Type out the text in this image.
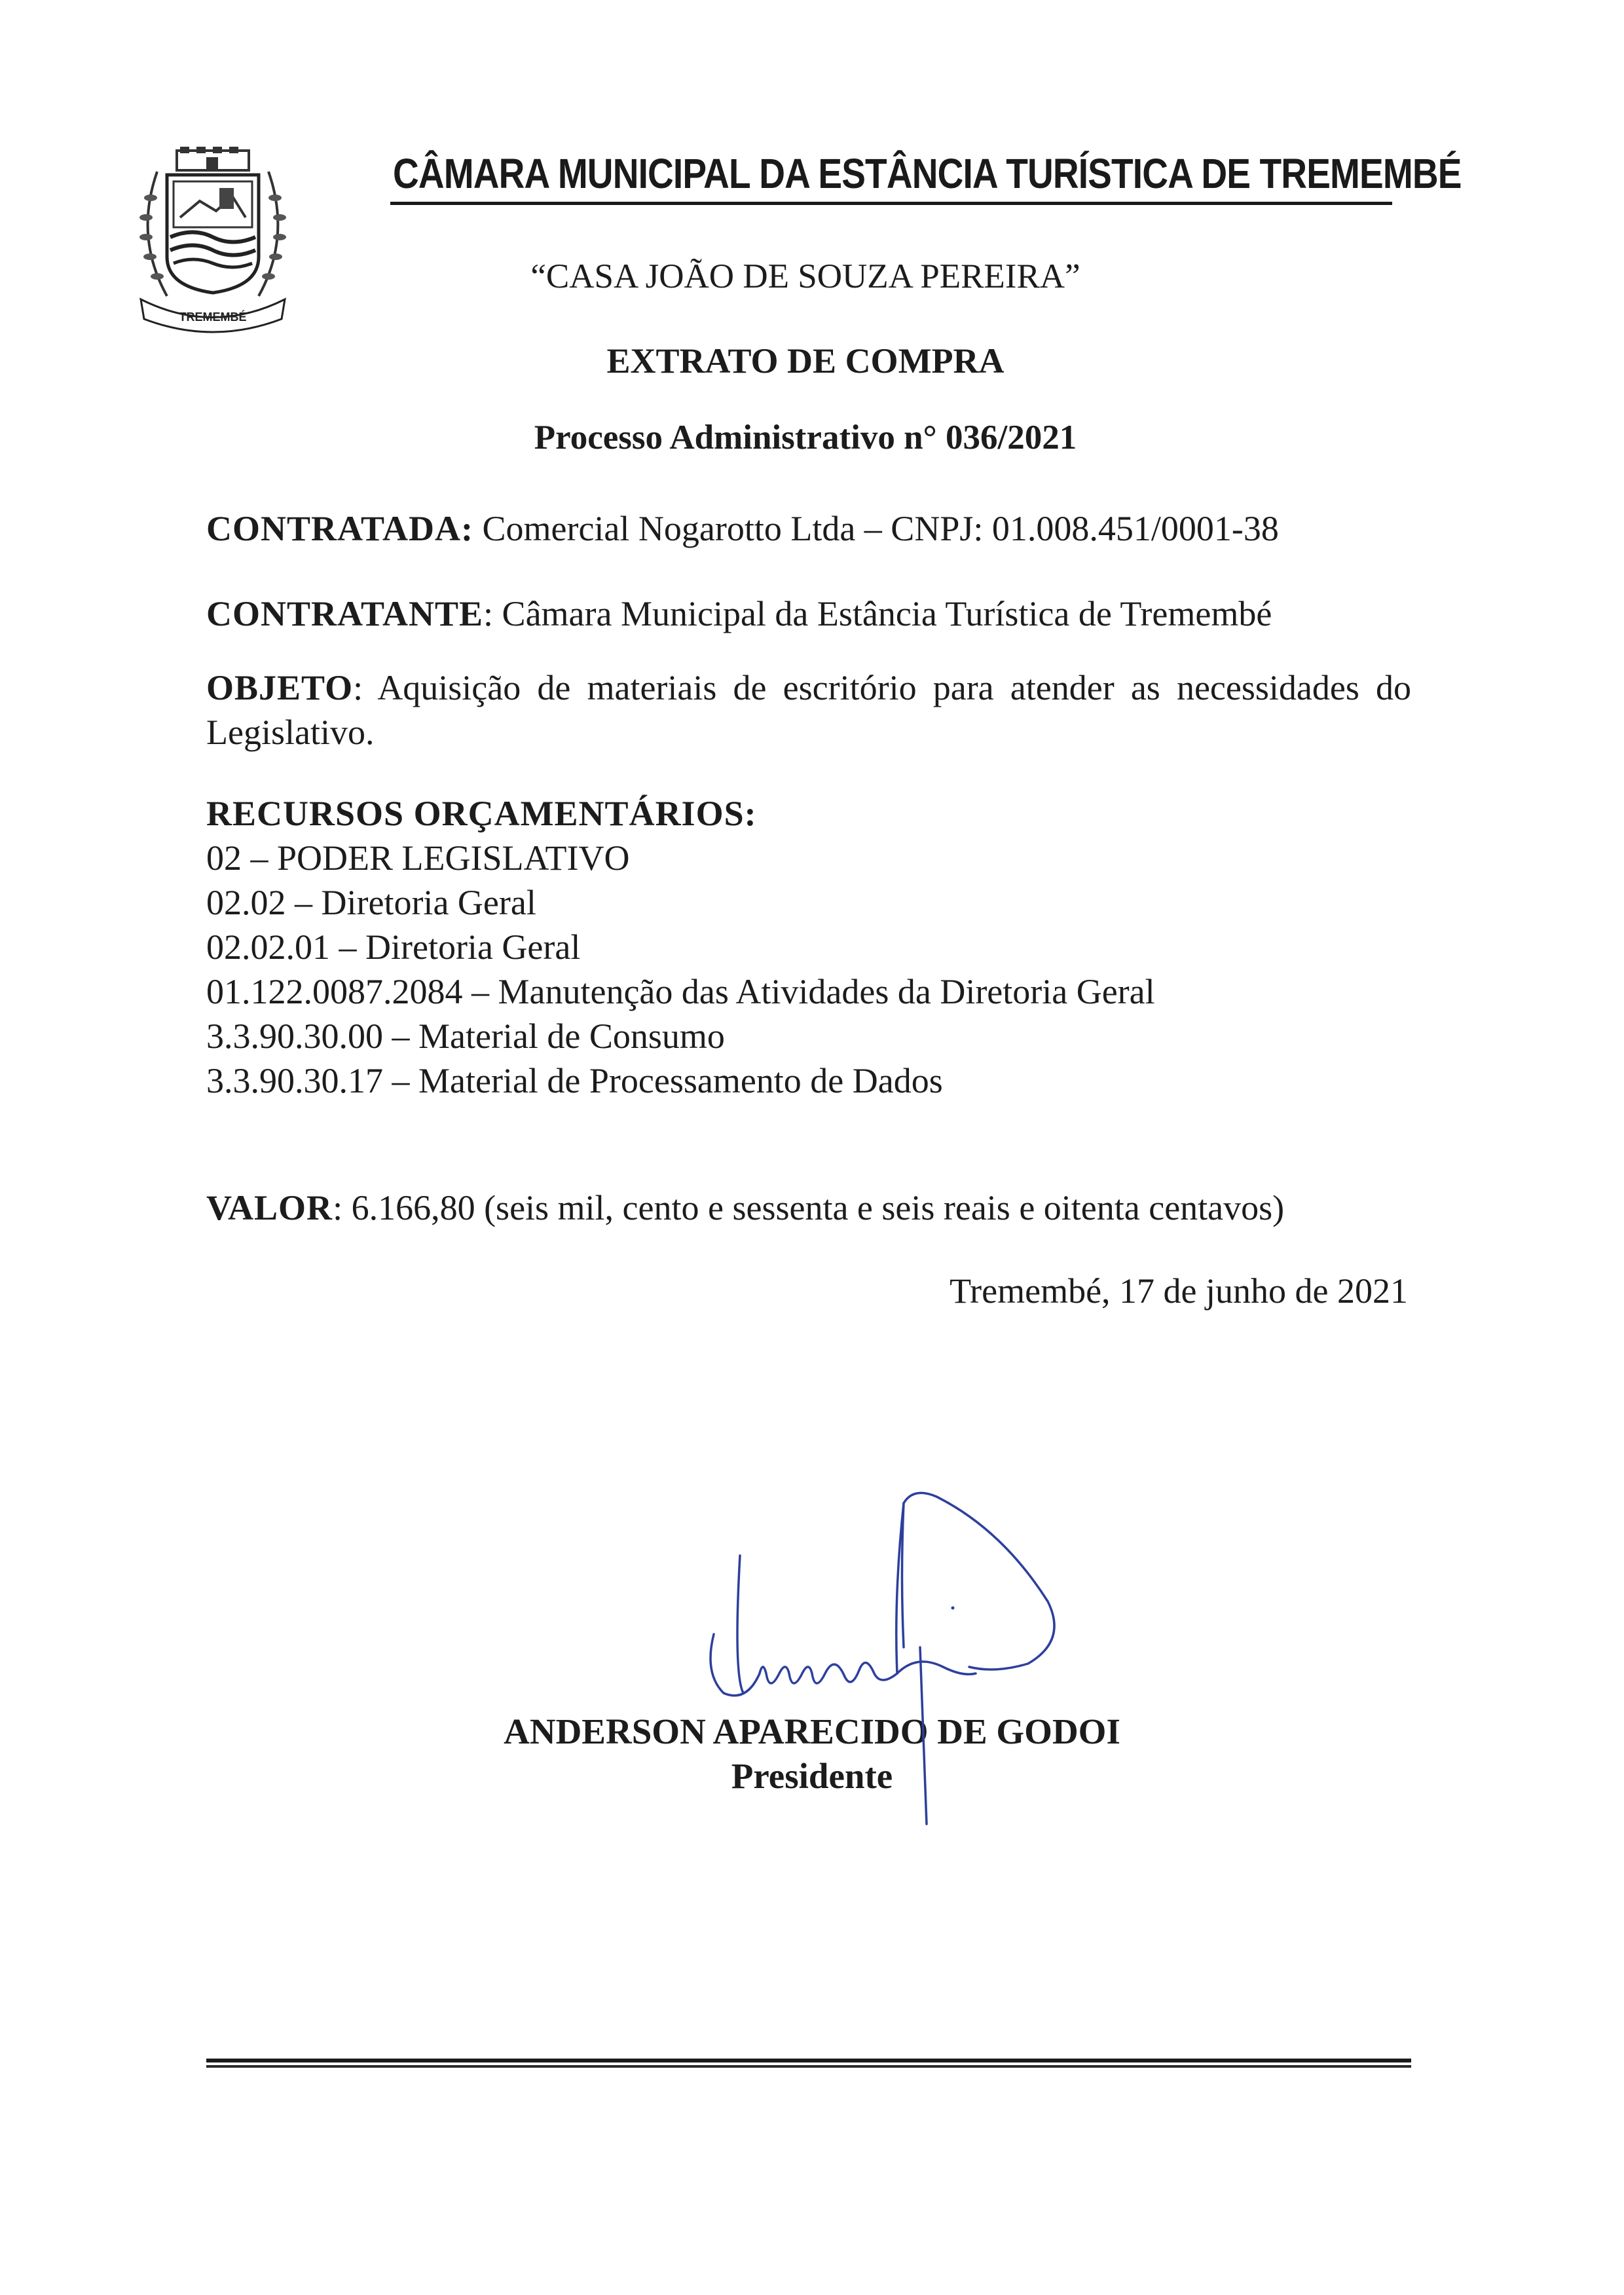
TREMEMBÉ
CÂMARA MUNICIPAL DA ESTÂNCIA TURÍSTICA DE TREMEMBÉ
“CASA JOÃO DE SOUZA PEREIRA”
EXTRATO DE COMPRA
Processo Administrativo n° 036/2021
CONTRATADA: Comercial Nogarotto Ltda – CNPJ: 01.008.451/0001-38
CONTRATANTE: Câmara Municipal da Estância Turística de Tremembé
OBJETO: Aquisição de materiais de escritório para atender as necessidades do Legislativo.
RECURSOS ORÇAMENTÁRIOS:
02 – PODER LEGISLATIVO
02.02 – Diretoria Geral
02.02.01 – Diretoria Geral
01.122.0087.2084 – Manutenção das Atividades da Diretoria Geral
3.3.90.30.00 – Material de Consumo
3.3.90.30.17 – Material de Processamento de Dados
VALOR: 6.166,80 (seis mil, cento e sessenta e seis reais e oitenta centavos)
Tremembé, 17 de junho de 2021
ANDERSON APARECIDO DE GODOI
Presidente
